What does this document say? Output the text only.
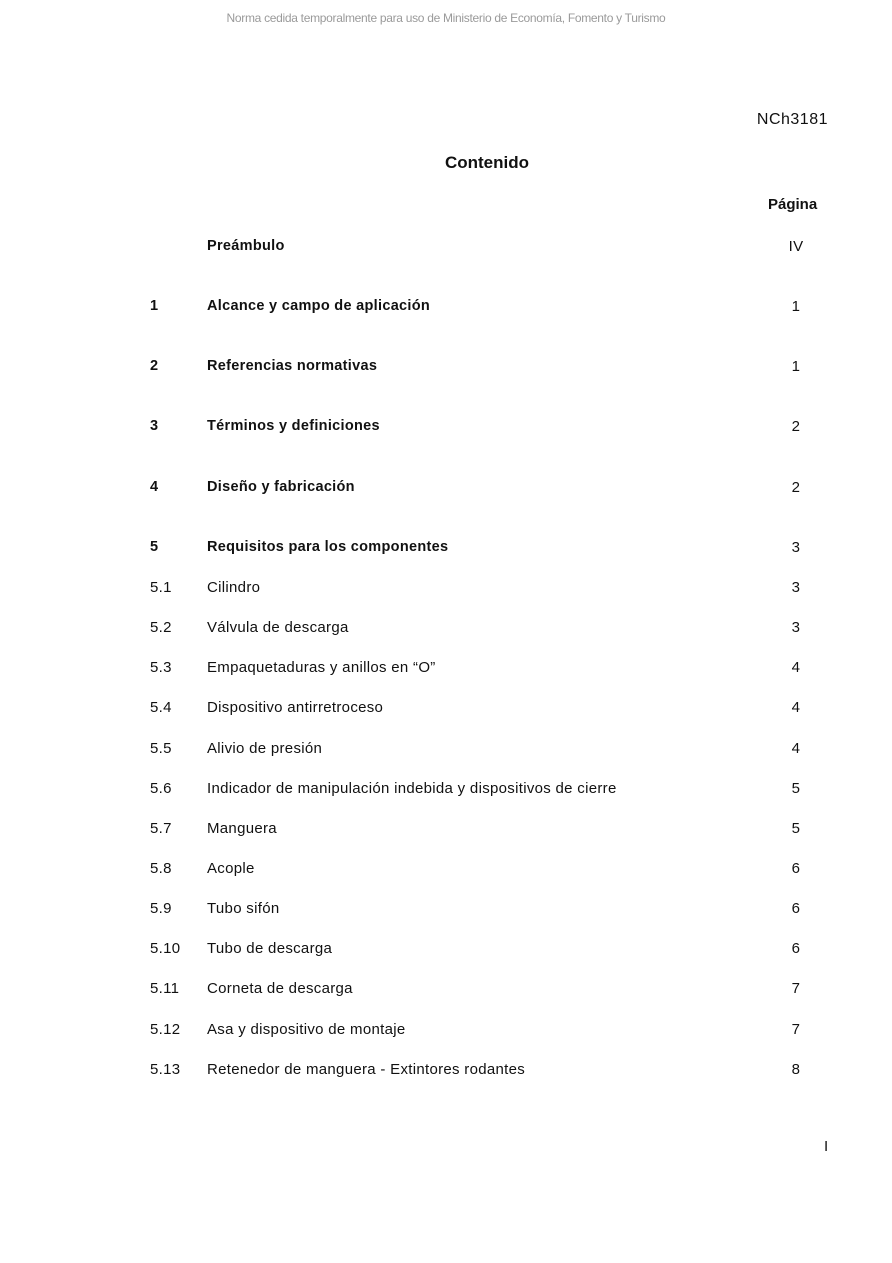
Norma cedida temporalmente para uso de Ministerio de Economía, Fomento y Turismo
NCh3181
Contenido
Página
Preámbulo	IV
1	Alcance y campo de aplicación	1
2	Referencias normativas	1
3	Términos y definiciones	2
4	Diseño y fabricación	2
5	Requisitos para los componentes	3
5.1 Cilindro	3
5.2 Válvula de descarga	3
5.3 Empaquetaduras y anillos en “O”	4
5.4 Dispositivo antirretroceso	4
5.5 Alivio de presión	4
5.6 Indicador de manipulación indebida y dispositivos de cierre	5
5.7 Manguera	5
5.8 Acople	6
5.9 Tubo sifón	6
5.10 Tubo de descarga	6
5.11 Corneta de descarga	7
5.12 Asa y dispositivo de montaje	7
5.13 Retenedor de manguera - Extintores rodantes	8
I
